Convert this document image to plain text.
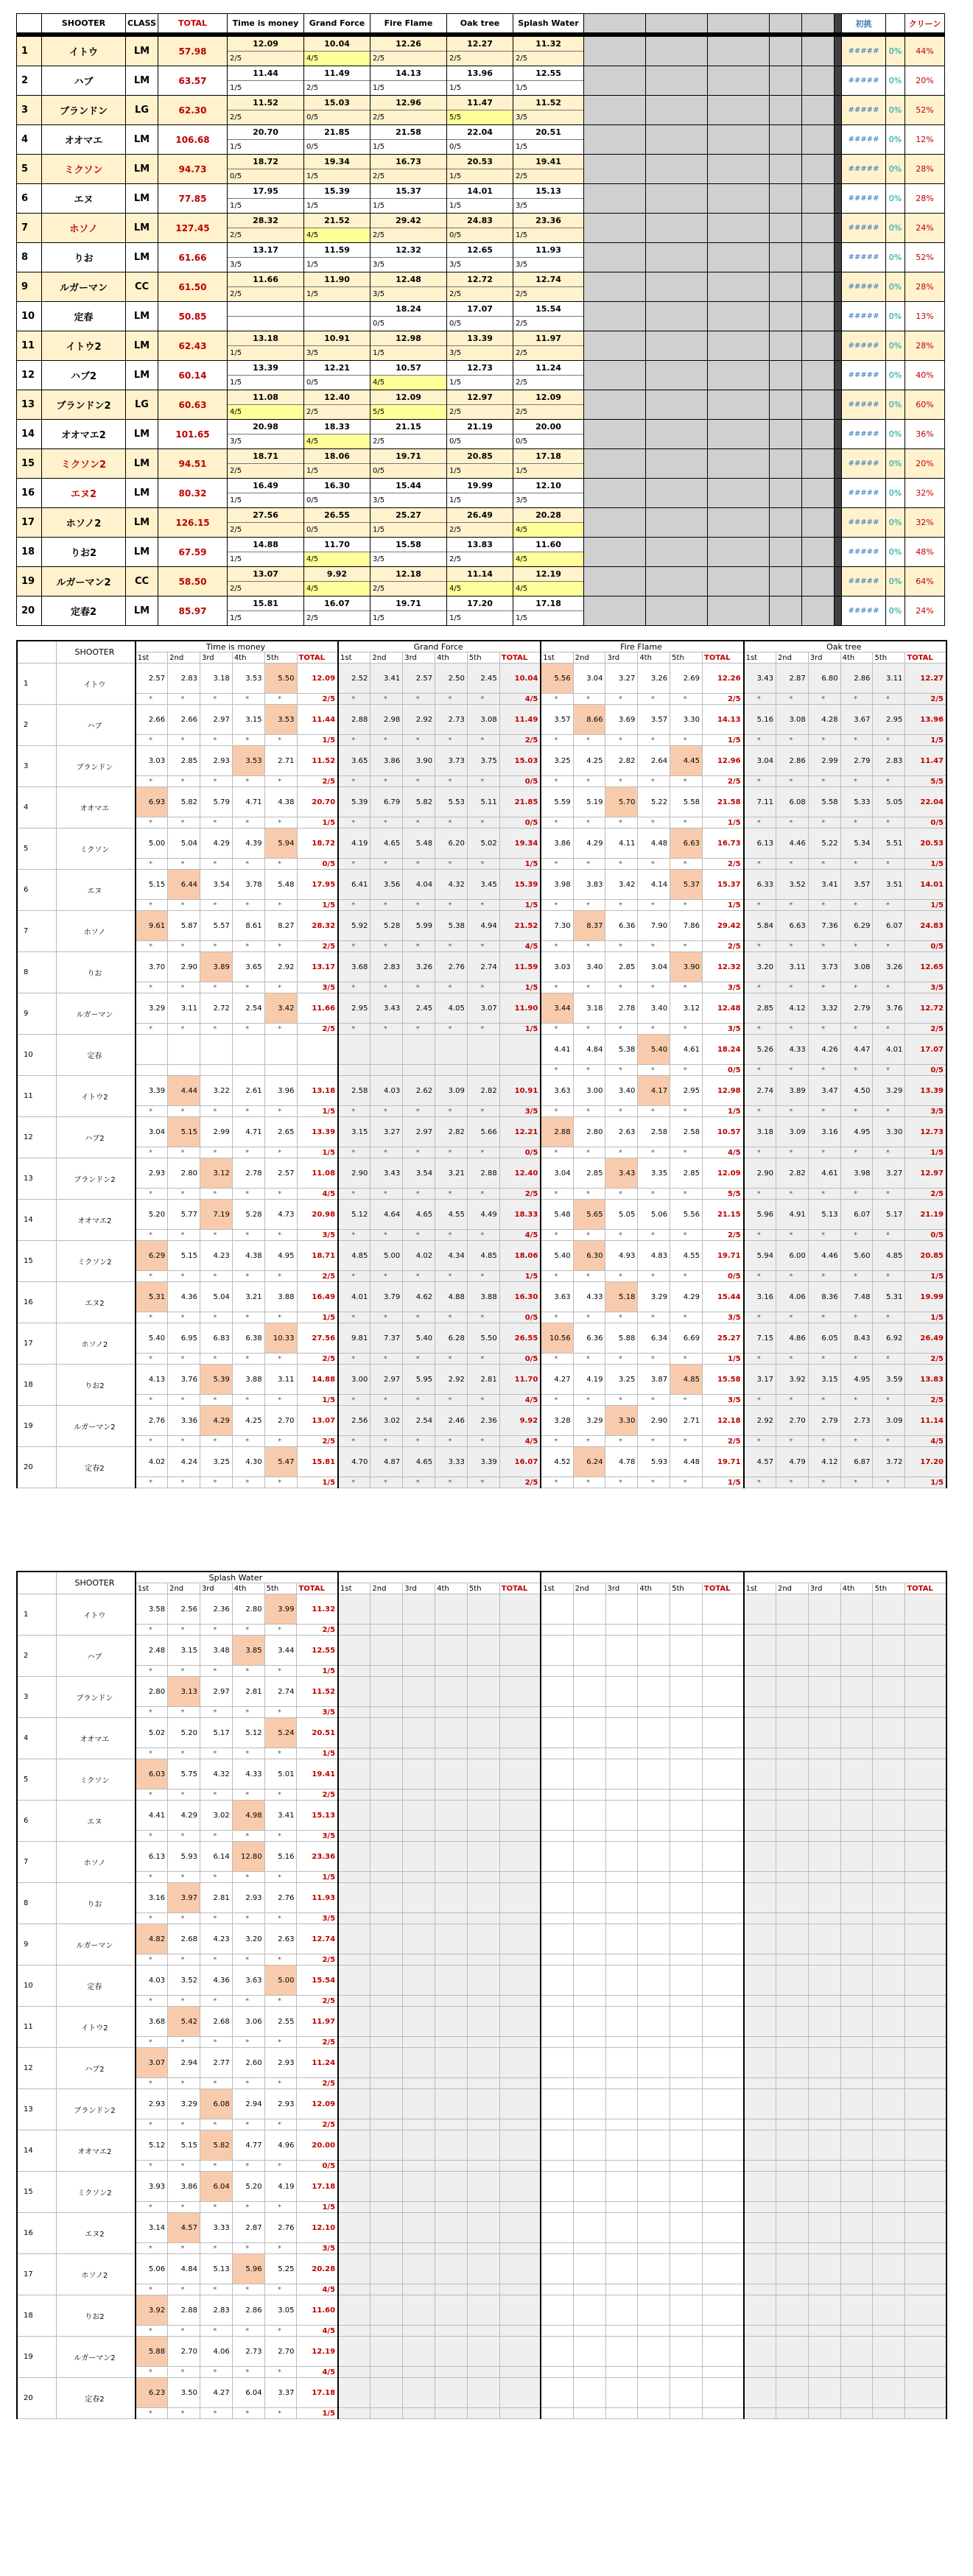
	SHOOTER	CLASS	TOTAL	Time is money	Grand Force	Fire Flame	Oak tree	Splash Water							初挑		クリーン

1	イトウ	LM	57.98	12.09	10.04	12.26	12.27	11.32							#####	0%	44%
				2/5	4/5	2/5	2/5	2/5									
2	ハブ	LM	63.57	11.44	11.49	14.13	13.96	12.55							#####	0%	20%
				1/5	2/5	1/5	1/5	1/5									
3	ブランドン	LG	62.30	11.52	15.03	12.96	11.47	11.52							#####	0%	52%
				2/5	0/5	2/5	5/5	3/5									
4	オオマエ	LM	106.68	20.70	21.85	21.58	22.04	20.51							#####	0%	12%
				1/5	0/5	1/5	0/5	1/5									
5	ミクソン	LM	94.73	18.72	19.34	16.73	20.53	19.41							#####	0%	28%
				0/5	1/5	2/5	1/5	2/5									
6	エヌ	LM	77.85	17.95	15.39	15.37	14.01	15.13							#####	0%	28%
				1/5	1/5	1/5	1/5	3/5									
7	ホソノ	LM	127.45	28.32	21.52	29.42	24.83	23.36							#####	0%	24%
				2/5	4/5	2/5	0/5	1/5									
8	りお	LM	61.66	13.17	11.59	12.32	12.65	11.93							#####	0%	52%
				3/5	1/5	3/5	3/5	3/5									
9	ルガーマン	CC	61.50	11.66	11.90	12.48	12.72	12.74							#####	0%	28%
				2/5	1/5	3/5	2/5	2/5									
10	定春	LM	50.85			18.24	17.07	15.54							#####	0%	13%
						0/5	0/5	2/5									
11	イトウ2	LM	62.43	13.18	10.91	12.98	13.39	11.97							#####	0%	28%
				1/5	3/5	1/5	3/5	2/5									
12	ハブ2	LM	60.14	13.39	12.21	10.57	12.73	11.24							#####	0%	40%
				1/5	0/5	4/5	1/5	2/5									
13	ブランドン2	LG	60.63	11.08	12.40	12.09	12.97	12.09							#####	0%	60%
				4/5	2/5	5/5	2/5	2/5									
14	オオマエ2	LM	101.65	20.98	18.33	21.15	21.19	20.00							#####	0%	36%
				3/5	4/5	2/5	0/5	0/5									
15	ミクソン2	LM	94.51	18.71	18.06	19.71	20.85	17.18							#####	0%	20%
				2/5	1/5	0/5	1/5	1/5									
16	エヌ2	LM	80.32	16.49	16.30	15.44	19.99	12.10							#####	0%	32%
				1/5	0/5	3/5	1/5	3/5									
17	ホソノ2	LM	126.15	27.56	26.55	25.27	26.49	20.28							#####	0%	32%
				2/5	0/5	1/5	2/5	4/5									
18	りお2	LM	67.59	14.88	11.70	15.58	13.83	11.60							#####	0%	48%
				1/5	4/5	3/5	2/5	4/5									
19	ルガーマン2	CC	58.50	13.07	9.92	12.18	11.14	12.19							#####	0%	64%
				2/5	4/5	2/5	4/5	4/5									
20	定春2	LM	85.97	15.81	16.07	19.71	17.20	17.18							#####	0%	24%
				1/5	2/5	1/5	1/5	1/5									
	SHOOTER	Time is money						Grand Force						Fire Flame						Oak tree					
		1st	2nd	3rd	4th	5th	TOTAL	1st	2nd	3rd	4th	5th	TOTAL	1st	2nd	3rd	4th	5th	TOTAL	1st	2nd	3rd	4th	5th	TOTAL
1	イトウ	2.57	2.83	3.18	3.53	5.50	12.09	2.52	3.41	2.57	2.50	2.45	10.04	5.56	3.04	3.27	3.26	2.69	12.26	3.43	2.87	6.80	2.86	3.11	12.27
		*	*	*	*	*	2/5	*	*	*	*	*	4/5	*	*	*	*	*	2/5	*	*	*	*	*	2/5
2	ハブ	2.66	2.66	2.97	3.15	3.53	11.44	2.88	2.98	2.92	2.73	3.08	11.49	3.57	8.66	3.69	3.57	3.30	14.13	5.16	3.08	4.28	3.67	2.95	13.96
		*	*	*	*	*	1/5	*	*	*	*	*	2/5	*	*	*	*	*	1/5	*	*	*	*	*	1/5
3	ブランドン	3.03	2.85	2.93	3.53	2.71	11.52	3.65	3.86	3.90	3.73	3.75	15.03	3.25	4.25	2.82	2.64	4.45	12.96	3.04	2.86	2.99	2.79	2.83	11.47
		*	*	*	*	*	2/5	*	*	*	*	*	0/5	*	*	*	*	*	2/5	*	*	*	*	*	5/5
4	オオマエ	6.93	5.82	5.79	4.71	4.38	20.70	5.39	6.79	5.82	5.53	5.11	21.85	5.59	5.19	5.70	5.22	5.58	21.58	7.11	6.08	5.58	5.33	5.05	22.04
		*	*	*	*	*	1/5	*	*	*	*	*	0/5	*	*	*	*	*	1/5	*	*	*	*	*	0/5
5	ミクソン	5.00	5.04	4.29	4.39	5.94	18.72	4.19	4.65	5.48	6.20	5.02	19.34	3.86	4.29	4.11	4.48	6.63	16.73	6.13	4.46	5.22	5.34	5.51	20.53
		*	*	*	*	*	0/5	*	*	*	*	*	1/5	*	*	*	*	*	2/5	*	*	*	*	*	1/5
6	エヌ	5.15	6.44	3.54	3.78	5.48	17.95	6.41	3.56	4.04	4.32	3.45	15.39	3.98	3.83	3.42	4.14	5.37	15.37	6.33	3.52	3.41	3.57	3.51	14.01
		*	*	*	*	*	1/5	*	*	*	*	*	1/5	*	*	*	*	*	1/5	*	*	*	*	*	1/5
7	ホソノ	9.61	5.87	5.57	8.61	8.27	28.32	5.92	5.28	5.99	5.38	4.94	21.52	7.30	8.37	6.36	7.90	7.86	29.42	5.84	6.63	7.36	6.29	6.07	24.83
		*	*	*	*	*	2/5	*	*	*	*	*	4/5	*	*	*	*	*	2/5	*	*	*	*	*	0/5
8	りお	3.70	2.90	3.89	3.65	2.92	13.17	3.68	2.83	3.26	2.76	2.74	11.59	3.03	3.40	2.85	3.04	3.90	12.32	3.20	3.11	3.73	3.08	3.26	12.65
		*	*	*	*	*	3/5	*	*	*	*	*	1/5	*	*	*	*	*	3/5	*	*	*	*	*	3/5
9	ルガーマン	3.29	3.11	2.72	2.54	3.42	11.66	2.95	3.43	2.45	4.05	3.07	11.90	3.44	3.18	2.78	3.40	3.12	12.48	2.85	4.12	3.32	2.79	3.76	12.72
		*	*	*	*	*	2/5	*	*	*	*	*	1/5	*	*	*	*	*	3/5	*	*	*	*	*	2/5
10	定春													4.41	4.84	5.38	5.40	4.61	18.24	5.26	4.33	4.26	4.47	4.01	17.07
														*	*	*	*	*	0/5	*	*	*	*	*	0/5
11	イトウ2	3.39	4.44	3.22	2.61	3.96	13.18	2.58	4.03	2.62	3.09	2.82	10.91	3.63	3.00	3.40	4.17	2.95	12.98	2.74	3.89	3.47	4.50	3.29	13.39
		*	*	*	*	*	1/5	*	*	*	*	*	3/5	*	*	*	*	*	1/5	*	*	*	*	*	3/5
12	ハブ2	3.04	5.15	2.99	4.71	2.65	13.39	3.15	3.27	2.97	2.82	5.66	12.21	2.88	2.80	2.63	2.58	2.58	10.57	3.18	3.09	3.16	4.95	3.30	12.73
		*	*	*	*	*	1/5	*	*	*	*	*	0/5	*	*	*	*	*	4/5	*	*	*	*	*	1/5
13	ブランドン2	2.93	2.80	3.12	2.78	2.57	11.08	2.90	3.43	3.54	3.21	2.88	12.40	3.04	2.85	3.43	3.35	2.85	12.09	2.90	2.82	4.61	3.98	3.27	12.97
		*	*	*	*	*	4/5	*	*	*	*	*	2/5	*	*	*	*	*	5/5	*	*	*	*	*	2/5
14	オオマエ2	5.20	5.77	7.19	5.28	4.73	20.98	5.12	4.64	4.65	4.55	4.49	18.33	5.48	5.65	5.05	5.06	5.56	21.15	5.96	4.91	5.13	6.07	5.17	21.19
		*	*	*	*	*	3/5	*	*	*	*	*	4/5	*	*	*	*	*	2/5	*	*	*	*	*	0/5
15	ミクソン2	6.29	5.15	4.23	4.38	4.95	18.71	4.85	5.00	4.02	4.34	4.85	18.06	5.40	6.30	4.93	4.83	4.55	19.71	5.94	6.00	4.46	5.60	4.85	20.85
		*	*	*	*	*	2/5	*	*	*	*	*	1/5	*	*	*	*	*	0/5	*	*	*	*	*	1/5
16	エヌ2	5.31	4.36	5.04	3.21	3.88	16.49	4.01	3.79	4.62	4.88	3.88	16.30	3.63	4.33	5.18	3.29	4.29	15.44	3.16	4.06	8.36	7.48	5.31	19.99
		*	*	*	*	*	1/5	*	*	*	*	*	0/5	*	*	*	*	*	3/5	*	*	*	*	*	1/5
17	ホソノ2	5.40	6.95	6.83	6.38	10.33	27.56	9.81	7.37	5.40	6.28	5.50	26.55	10.56	6.36	5.88	6.34	6.69	25.27	7.15	4.86	6.05	8.43	6.92	26.49
		*	*	*	*	*	2/5	*	*	*	*	*	0/5	*	*	*	*	*	1/5	*	*	*	*	*	2/5
18	りお2	4.13	3.76	5.39	3.88	3.11	14.88	3.00	2.97	5.95	2.92	2.81	11.70	4.27	4.19	3.25	3.87	4.85	15.58	3.17	3.92	3.15	4.95	3.59	13.83
		*	*	*	*	*	1/5	*	*	*	*	*	4/5	*	*	*	*	*	3/5	*	*	*	*	*	2/5
19	ルガーマン2	2.76	3.36	4.29	4.25	2.70	13.07	2.56	3.02	2.54	2.46	2.36	9.92	3.28	3.29	3.30	2.90	2.71	12.18	2.92	2.70	2.79	2.73	3.09	11.14
		*	*	*	*	*	2/5	*	*	*	*	*	4/5	*	*	*	*	*	2/5	*	*	*	*	*	4/5
20	定春2	4.02	4.24	3.25	4.30	5.47	15.81	4.70	4.87	4.65	3.33	3.39	16.07	4.52	6.24	4.78	5.93	4.48	19.71	4.57	4.79	4.12	6.87	3.72	17.20
		*	*	*	*	*	1/5	*	*	*	*	*	2/5	*	*	*	*	*	1/5	*	*	*	*	*	1/5
	SHOOTER	Splash Water																							
		1st	2nd	3rd	4th	5th	TOTAL	1st	2nd	3rd	4th	5th	TOTAL	1st	2nd	3rd	4th	5th	TOTAL	1st	2nd	3rd	4th	5th	TOTAL
1	イトウ	3.58	2.56	2.36	2.80	3.99	11.32																		
		*	*	*	*	*	2/5																		
2	ハブ	2.48	3.15	3.48	3.85	3.44	12.55																		
		*	*	*	*	*	1/5																		
3	ブランドン	2.80	3.13	2.97	2.81	2.74	11.52																		
		*	*	*	*	*	3/5																		
4	オオマエ	5.02	5.20	5.17	5.12	5.24	20.51																		
		*	*	*	*	*	1/5																		
5	ミクソン	6.03	5.75	4.32	4.33	5.01	19.41																		
		*	*	*	*	*	2/5																		
6	エヌ	4.41	4.29	3.02	4.98	3.41	15.13																		
		*	*	*	*	*	3/5																		
7	ホソノ	6.13	5.93	6.14	12.80	5.16	23.36																		
		*	*	*	*	*	1/5																		
8	りお	3.16	3.97	2.81	2.93	2.76	11.93																		
		*	*	*	*	*	3/5																		
9	ルガーマン	4.82	2.68	4.23	3.20	2.63	12.74																		
		*	*	*	*	*	2/5																		
10	定春	4.03	3.52	4.36	3.63	5.00	15.54																		
		*	*	*	*	*	2/5																		
11	イトウ2	3.68	5.42	2.68	3.06	2.55	11.97																		
		*	*	*	*	*	2/5																		
12	ハブ2	3.07	2.94	2.77	2.60	2.93	11.24																		
		*	*	*	*	*	2/5																		
13	ブランドン2	2.93	3.29	6.08	2.94	2.93	12.09																		
		*	*	*	*	*	2/5																		
14	オオマエ2	5.12	5.15	5.82	4.77	4.96	20.00																		
		*	*	*	*	*	0/5																		
15	ミクソン2	3.93	3.86	6.04	5.20	4.19	17.18																		
		*	*	*	*	*	1/5																		
16	エヌ2	3.14	4.57	3.33	2.87	2.76	12.10																		
		*	*	*	*	*	3/5																		
17	ホソノ2	5.06	4.84	5.13	5.96	5.25	20.28																		
		*	*	*	*	*	4/5																		
18	りお2	3.92	2.88	2.83	2.86	3.05	11.60																		
		*	*	*	*	*	4/5																		
19	ルガーマン2	5.88	2.70	4.06	2.73	2.70	12.19																		
		*	*	*	*	*	4/5																		
20	定春2	6.23	3.50	4.27	6.04	3.37	17.18																		
		*	*	*	*	*	1/5																		
